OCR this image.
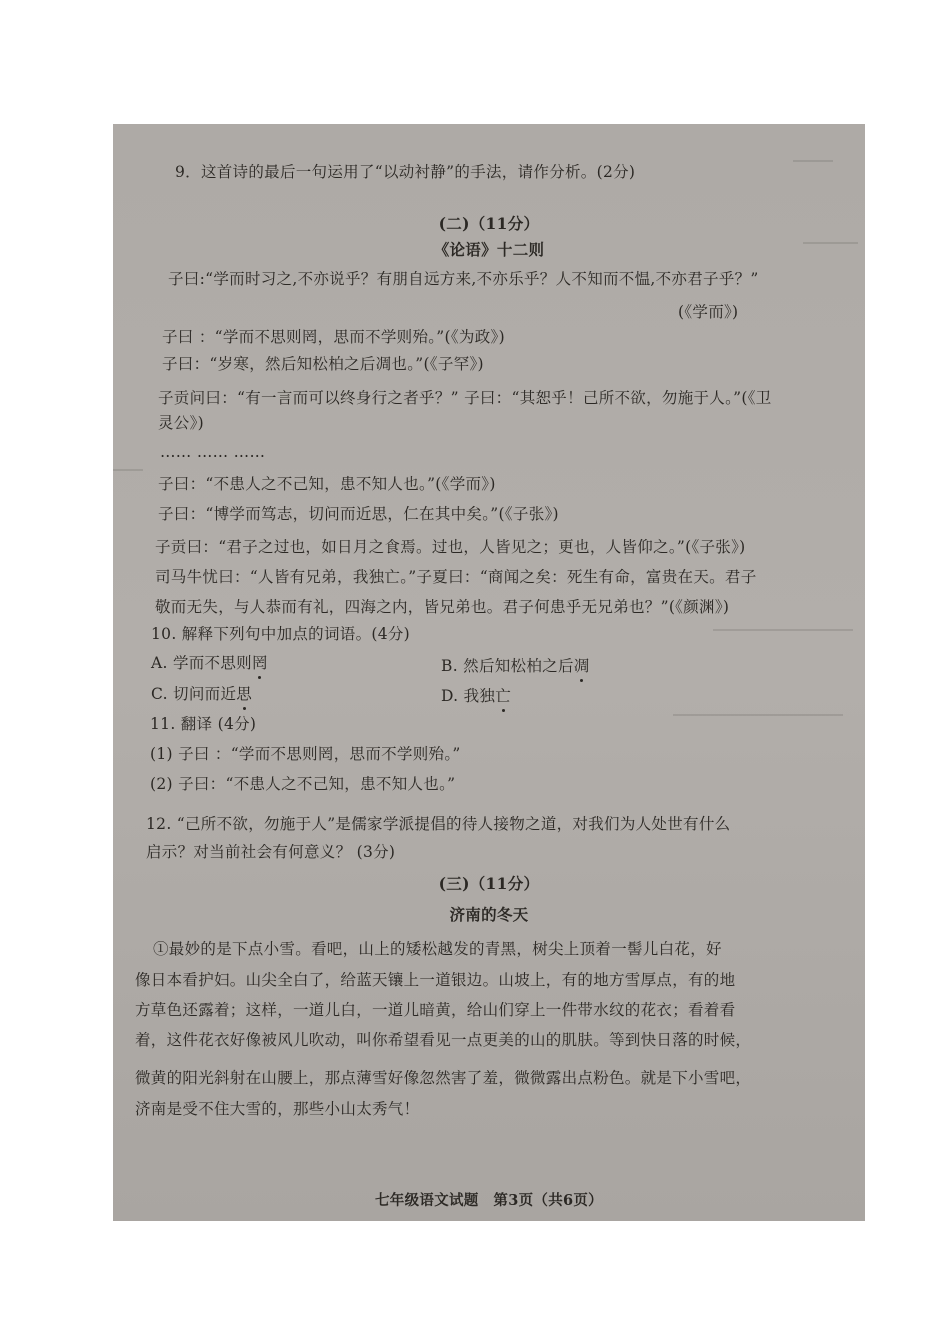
9．这首诗的最后一句运用了“以动衬静”的手法，请作分析。(2分)
(二)（11分）
《论语》十二则
子曰:“学而时习之,不亦说乎？有朋自远方来,不亦乐乎？人不知而不愠,不亦君子乎？”
(《学而》)
子曰 ：“学而不思则罔，思而不学则殆。”(《为政》)
子曰：“岁寒，然后知松柏之后凋也。”(《子罕》)
子贡问曰：“有一言而可以终身行之者乎？” 子曰：“其恕乎！己所不欲，勿施于人。”(《卫
灵公》)
…… …… ……
子曰：“不患人之不己知，患不知人也。”(《学而》)
子曰：“博学而笃志，切问而近思，仁在其中矣。”(《子张》)
子贡曰：“君子之过也，如日月之食焉。过也，人皆见之；更也，人皆仰之。”(《子张》)
司马牛忧曰：“人皆有兄弟，我独亡。”子夏曰：“商闻之矣：死生有命，富贵在天。君子
敬而无失，与人恭而有礼，四海之内，皆兄弟也。君子何患乎无兄弟也？”(《颜渊》)
10. 解释下列句中加点的词语。(4分)
A. 学而不思则罔	B. 然后知松柏之后凋
C. 切问而近思	D. 我独亡
11. 翻译 (4分)
(1) 子曰 ：“学而不思则罔，思而不学则殆。”
(2) 子曰：“不患人之不己知，患不知人也。”
12. “己所不欲，勿施于人”是儒家学派提倡的待人接物之道，对我们为人处世有什么
启示？对当前社会有何意义？ (3分)
(三)（11分）
济南的冬天
①最妙的是下点小雪。看吧，山上的矮松越发的青黑，树尖上顶着一髻儿白花，好
像日本看护妇。山尖全白了，给蓝天镶上一道银边。山坡上，有的地方雪厚点，有的地
方草色还露着；这样，一道儿白，一道儿暗黄，给山们穿上一件带水纹的花衣；看着看
着，这件花衣好像被风儿吹动，叫你希望看见一点更美的山的肌肤。等到快日落的时候，
微黄的阳光斜射在山腰上，那点薄雪好像忽然害了羞，微微露出点粉色。就是下小雪吧，
济南是受不住大雪的，那些小山太秀气！
七年级语文试题　第3页（共6页）
